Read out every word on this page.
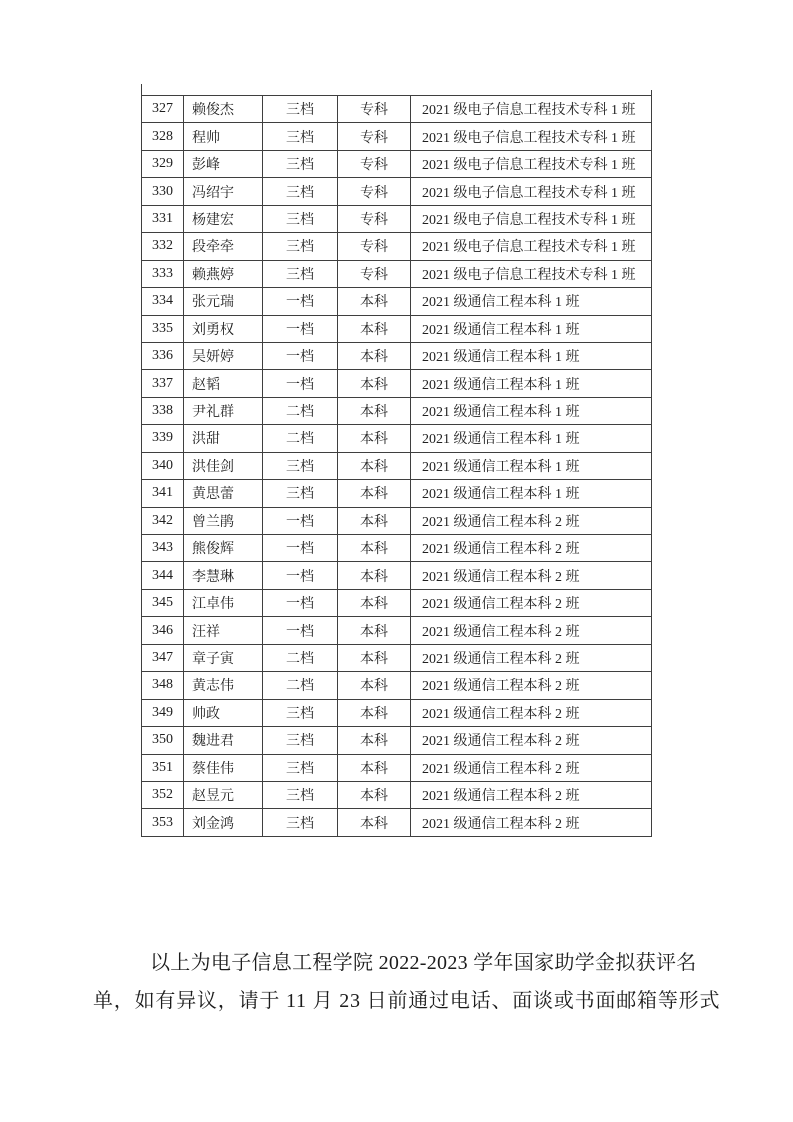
327	赖俊杰	三档	专科	2021 级电子信息工程技术专科 1 班
328	程帅	三档	专科	2021 级电子信息工程技术专科 1 班
329	彭峰	三档	专科	2021 级电子信息工程技术专科 1 班
330	冯绍宇	三档	专科	2021 级电子信息工程技术专科 1 班
331	杨建宏	三档	专科	2021 级电子信息工程技术专科 1 班
332	段牵牵	三档	专科	2021 级电子信息工程技术专科 1 班
333	赖燕婷	三档	专科	2021 级电子信息工程技术专科 1 班
334	张元瑞	一档	本科	2021 级通信工程本科 1 班
335	刘勇权	一档	本科	2021 级通信工程本科 1 班
336	吴妍婷	一档	本科	2021 级通信工程本科 1 班
337	赵韬	一档	本科	2021 级通信工程本科 1 班
338	尹礼群	二档	本科	2021 级通信工程本科 1 班
339	洪甜	二档	本科	2021 级通信工程本科 1 班
340	洪佳剑	三档	本科	2021 级通信工程本科 1 班
341	黄思蕾	三档	本科	2021 级通信工程本科 1 班
342	曾兰鹃	一档	本科	2021 级通信工程本科 2 班
343	熊俊辉	一档	本科	2021 级通信工程本科 2 班
344	李慧琳	一档	本科	2021 级通信工程本科 2 班
345	江卓伟	一档	本科	2021 级通信工程本科 2 班
346	汪祥	一档	本科	2021 级通信工程本科 2 班
347	章子寅	二档	本科	2021 级通信工程本科 2 班
348	黄志伟	二档	本科	2021 级通信工程本科 2 班
349	帅政	三档	本科	2021 级通信工程本科 2 班
350	魏进君	三档	本科	2021 级通信工程本科 2 班
351	蔡佳伟	三档	本科	2021 级通信工程本科 2 班
352	赵昱元	三档	本科	2021 级通信工程本科 2 班
353	刘金鸿	三档	本科	2021 级通信工程本科 2 班
以上为电子信息工程学院 2022-2023 学年国家助学金拟获评名
单，如有异议，请于 11 月 23 日前通过电话、面谈或书面邮箱等形式
